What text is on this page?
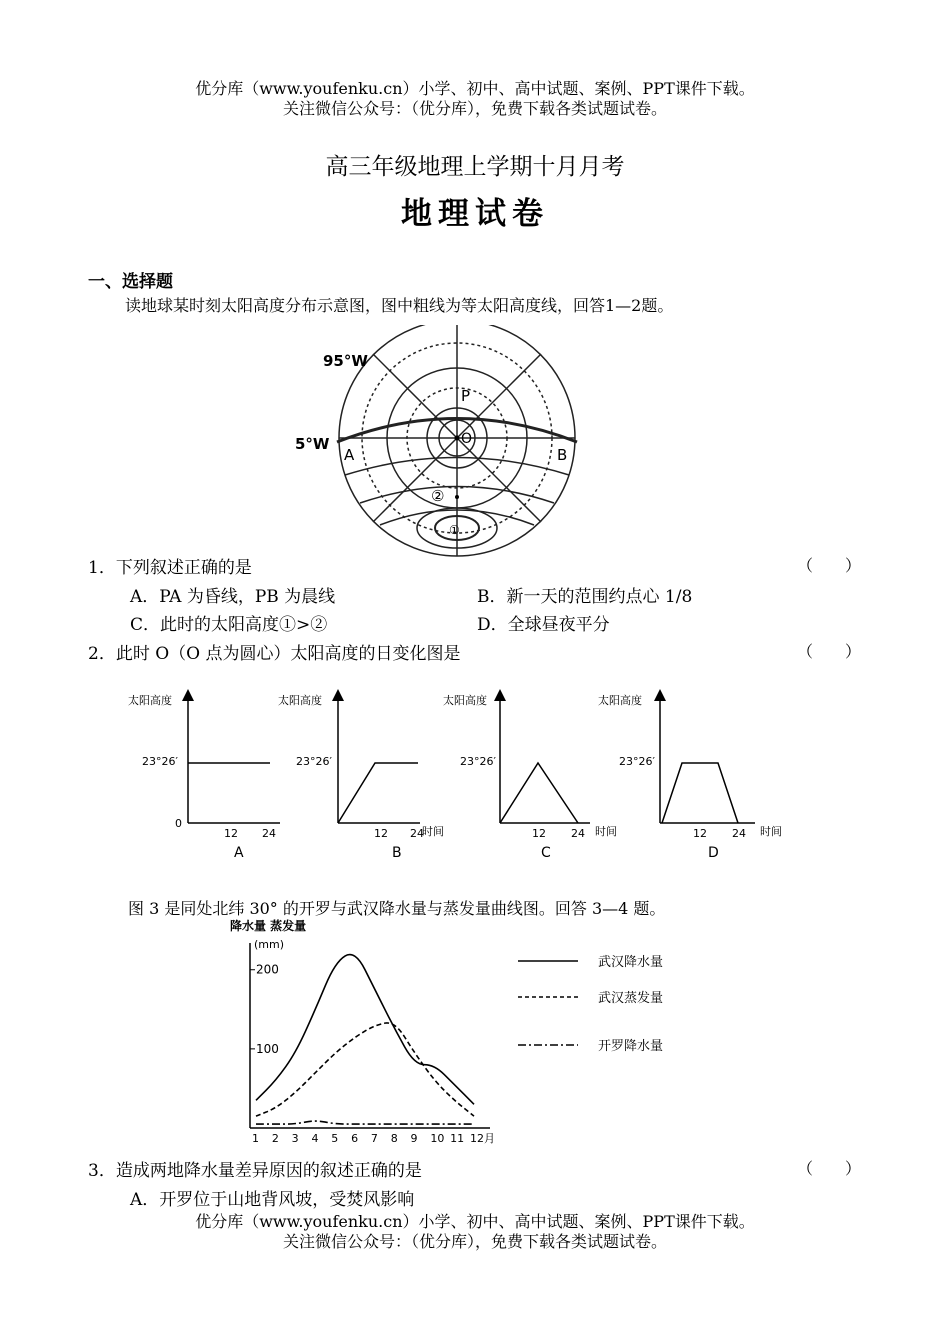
优分库（www.youfenku.cn）小学、初中、高中试题、案例、PPT课件下载。
关注微信公众号：（优分库），免费下载各类试题试卷。
高三年级地理上学期十月月考
地理试卷
一、选择题
读地球某时刻太阳高度分布示意图，图中粗线为等太阳高度线，回答1—2题。
95°W
5°W
A	B
P
O
②
①
1．下列叙述正确的是	（　　）
A．PA 为昏线，PB 为晨线	B．新一天的范围约点心 1/8
C．此时的太阳高度①>②	D．全球昼夜平分
2．此时 O（O 点为圆心）太阳高度的日变化图是	（　　）
太阳高度
23°26′
0
12 24
A
太阳高度
23°26′
12 24
时间
B
太阳高度
23°26′
12 24 时间
C
太阳高度
23°26′
12 24 时间
D
图 3 是同处北纬 30° 的开罗与武汉降水量与蒸发量曲线图。回答 3—4 题。
降水量 蒸发量
(mm)
100
200
1 2 3 4 5 6 7 8 9 10 11 12月
武汉降水量
武汉蒸发量
开罗降水量
3．造成两地降水量差异原因的叙述正确的是	（　　）
A．开罗位于山地背风坡，受焚风影响
优分库（www.youfenku.cn）小学、初中、高中试题、案例、PPT课件下载。
关注微信公众号：（优分库），免费下载各类试题试卷。
